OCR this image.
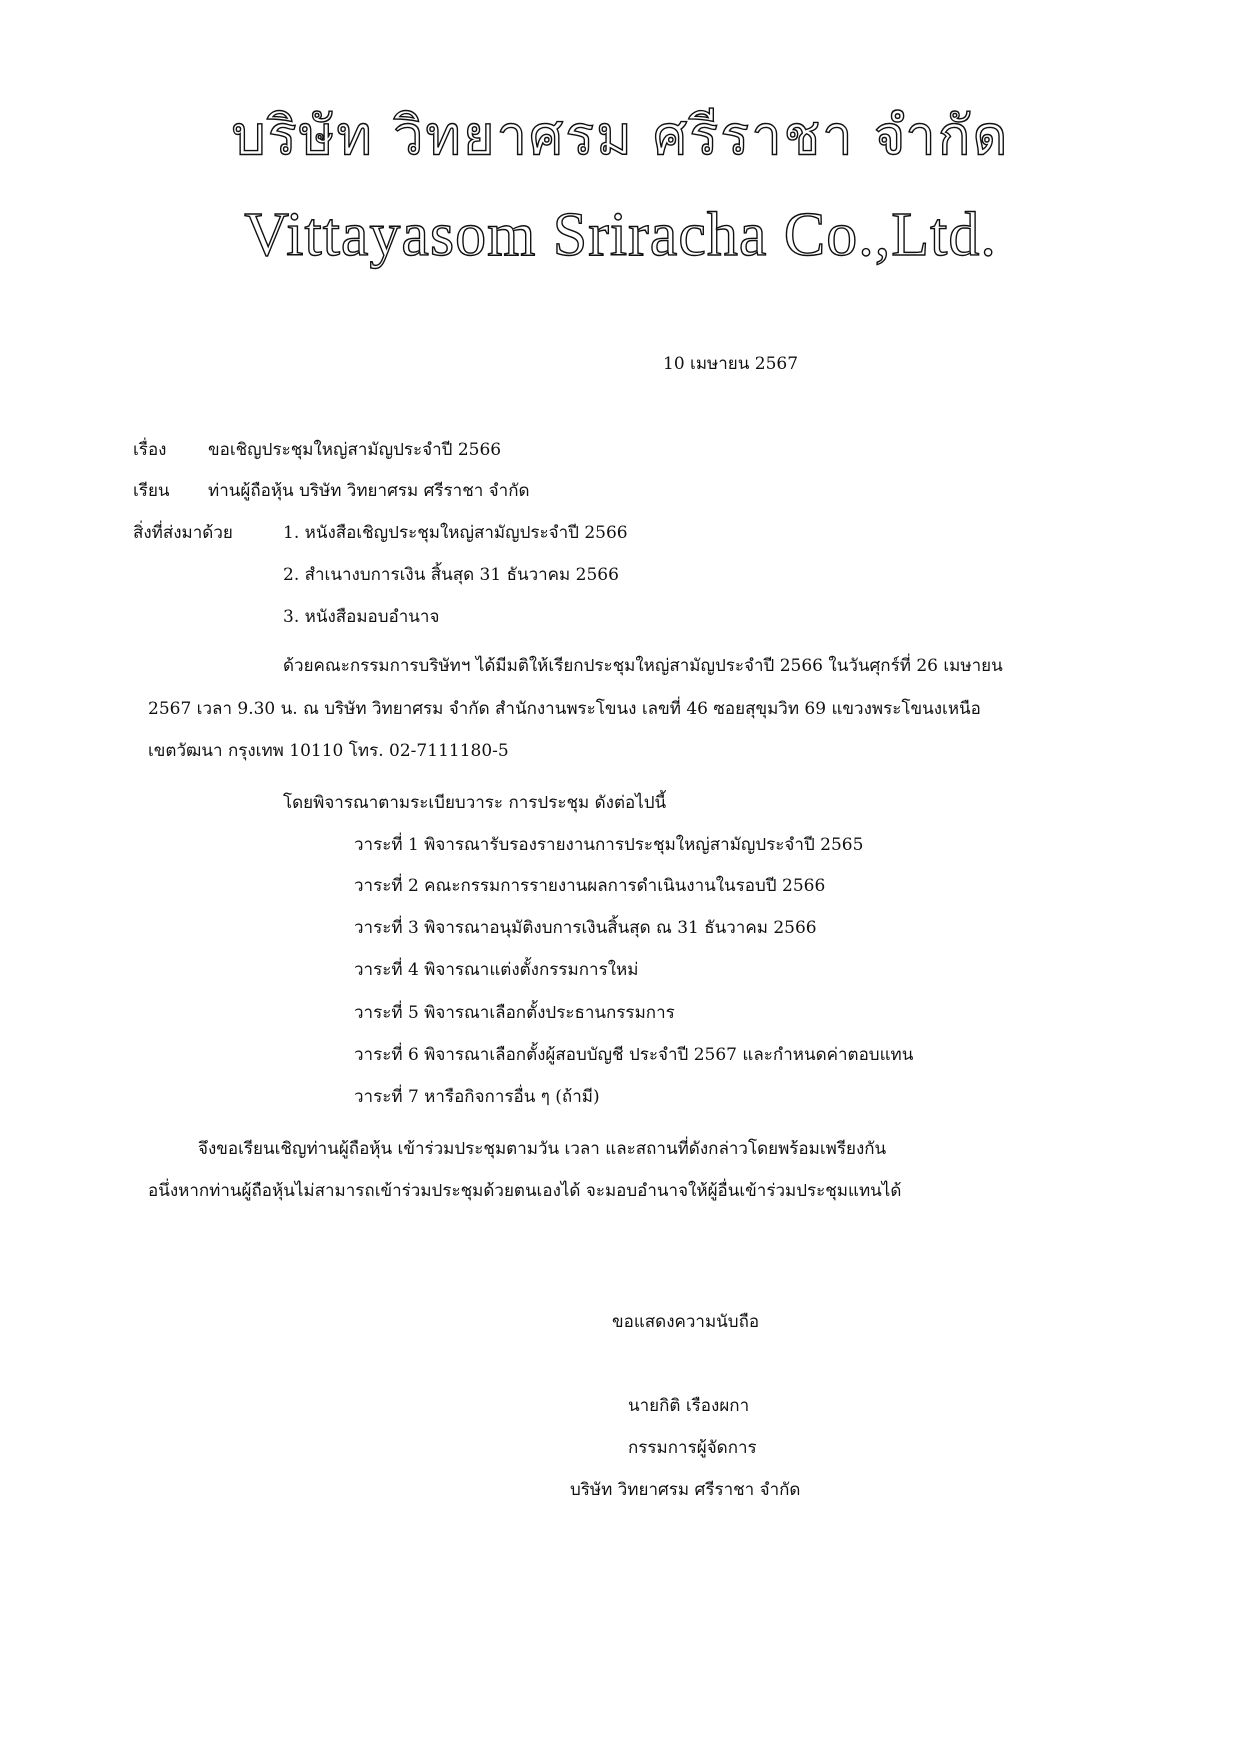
บริษัท วิทยาศรม ศรีราชา จำกัด
Vittayasom Sriracha Co.,Ltd.
10 เมษายน 2567
เรื่อง ขอเชิญประชุมใหญ่สามัญประจำปี 2566
เรียน ท่านผู้ถือหุ้น บริษัท วิทยาศรม ศรีราชา จำกัด
สิ่งที่ส่งมาด้วย	1. หนังสือเชิญประชุมใหญ่สามัญประจำปี 2566
2. สำเนางบการเงิน สิ้นสุด 31 ธันวาคม 2566
3. หนังสือมอบอำนาจ
ด้วยคณะกรรมการบริษัทฯ ได้มีมติให้เรียกประชุมใหญ่สามัญประจำปี 2566 ในวันศุกร์ที่ 26 เมษายน
2567 เวลา 9.30 น. ณ บริษัท วิทยาศรม จำกัด สำนักงานพระโขนง เลขที่ 46 ซอยสุขุมวิท 69 แขวงพระโขนงเหนือ
เขตวัฒนา กรุงเทพ 10110 โทร. 02-7111180-5
โดยพิจารณาตามระเบียบวาระ การประชุม ดังต่อไปนี้
วาระที่ 1 พิจารณารับรองรายงานการประชุมใหญ่สามัญประจำปี 2565
วาระที่ 2 คณะกรรมการรายงานผลการดำเนินงานในรอบปี 2566
วาระที่ 3 พิจารณาอนุมัติงบการเงินสิ้นสุด ณ 31 ธันวาคม 2566
วาระที่ 4 พิจารณาแต่งตั้งกรรมการใหม่
วาระที่ 5 พิจารณาเลือกตั้งประธานกรรมการ
วาระที่ 6 พิจารณาเลือกตั้งผู้สอบบัญชี ประจำปี 2567 และกำหนดค่าตอบแทน
วาระที่ 7 หารือกิจการอื่น ๆ (ถ้ามี)
จึงขอเรียนเชิญท่านผู้ถือหุ้น เข้าร่วมประชุมตามวัน เวลา และสถานที่ดังกล่าวโดยพร้อมเพรียงกัน
อนึ่งหากท่านผู้ถือหุ้นไม่สามารถเข้าร่วมประชุมด้วยตนเองได้ จะมอบอำนาจให้ผู้อื่นเข้าร่วมประชุมแทนได้
ขอแสดงความนับถือ
นายกิติ เรืองผกา
กรรมการผู้จัดการ
บริษัท วิทยาศรม ศรีราชา จำกัด
